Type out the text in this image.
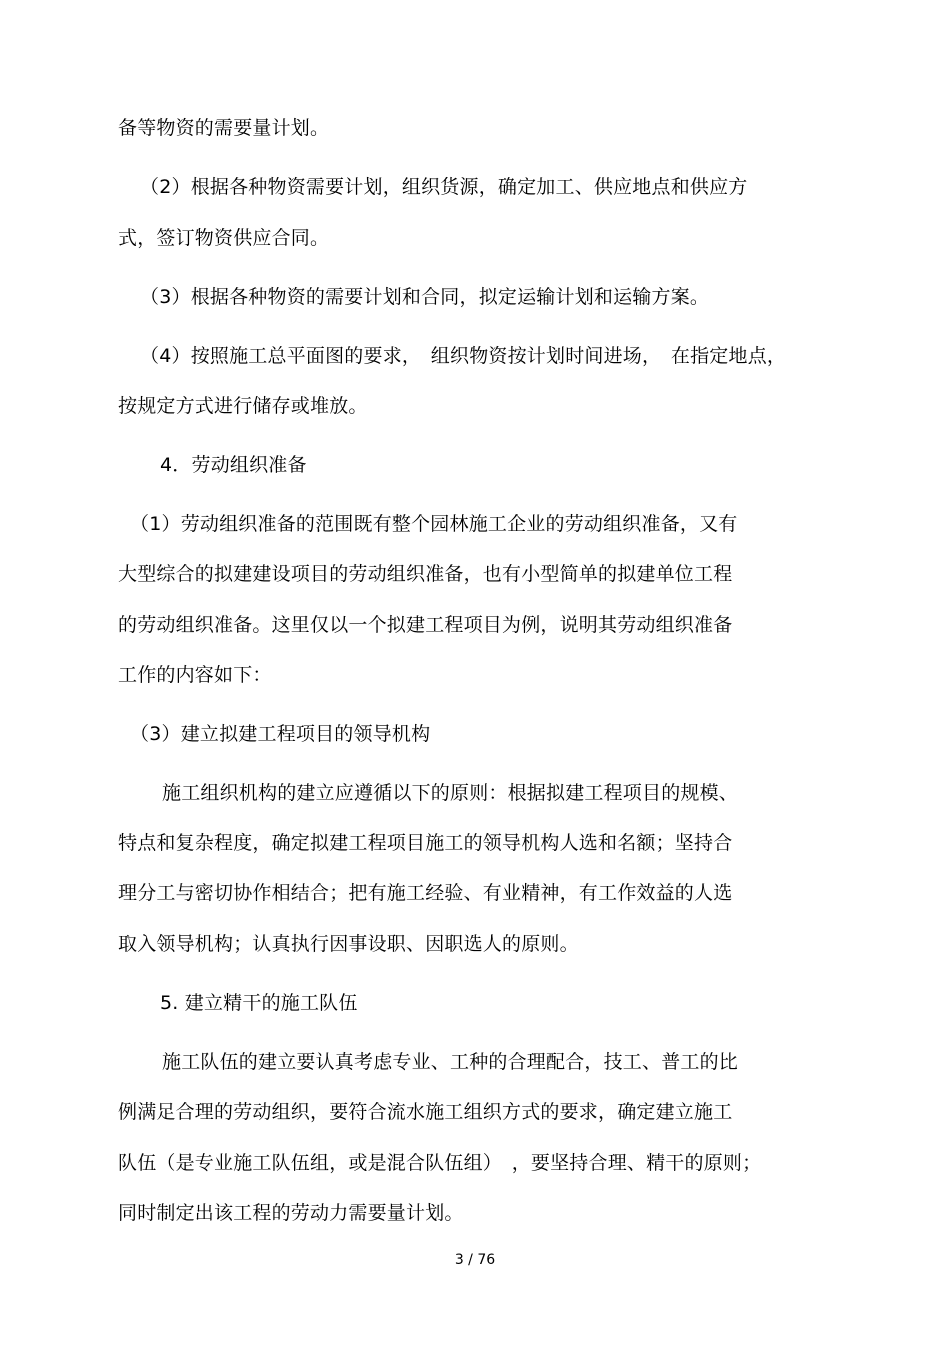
备等物资的需要量计划。
（2）根据各种物资需要计划，组织货源，确定加工、供应地点和供应方
式，签订物资供应合同。
（3）根据各种物资的需要计划和合同，拟定运输计划和运输方案。
（4）按照施工总平面图的要求，　组织物资按计划时间进场，　在指定地点，
按规定方式进行储存或堆放。
4．劳动组织准备
（1）劳动组织准备的范围既有整个园林施工企业的劳动组织准备，又有
大型综合的拟建建设项目的劳动组织准备，也有小型简单的拟建单位工程
的劳动组织准备。这里仅以一个拟建工程项目为例，说明其劳动组织准备
工作的内容如下：
（3）建立拟建工程项目的领导机构
施工组织机构的建立应遵循以下的原则：根据拟建工程项目的规模、
特点和复杂程度，确定拟建工程项目施工的领导机构人选和名额；坚持合
理分工与密切协作相结合；把有施工经验、有业精神，有工作效益的人选
取入领导机构；认真执行因事设职、因职选人的原则。
5. 建立精干的施工队伍
施工队伍的建立要认真考虑专业、工种的合理配合，技工、普工的比
例满足合理的劳动组织，要符合流水施工组织方式的要求，确定建立施工
队伍（是专业施工队伍组，或是混合队伍组）　，要坚持合理、精干的原则；
同时制定出该工程的劳动力需要量计划。
3 / 76
